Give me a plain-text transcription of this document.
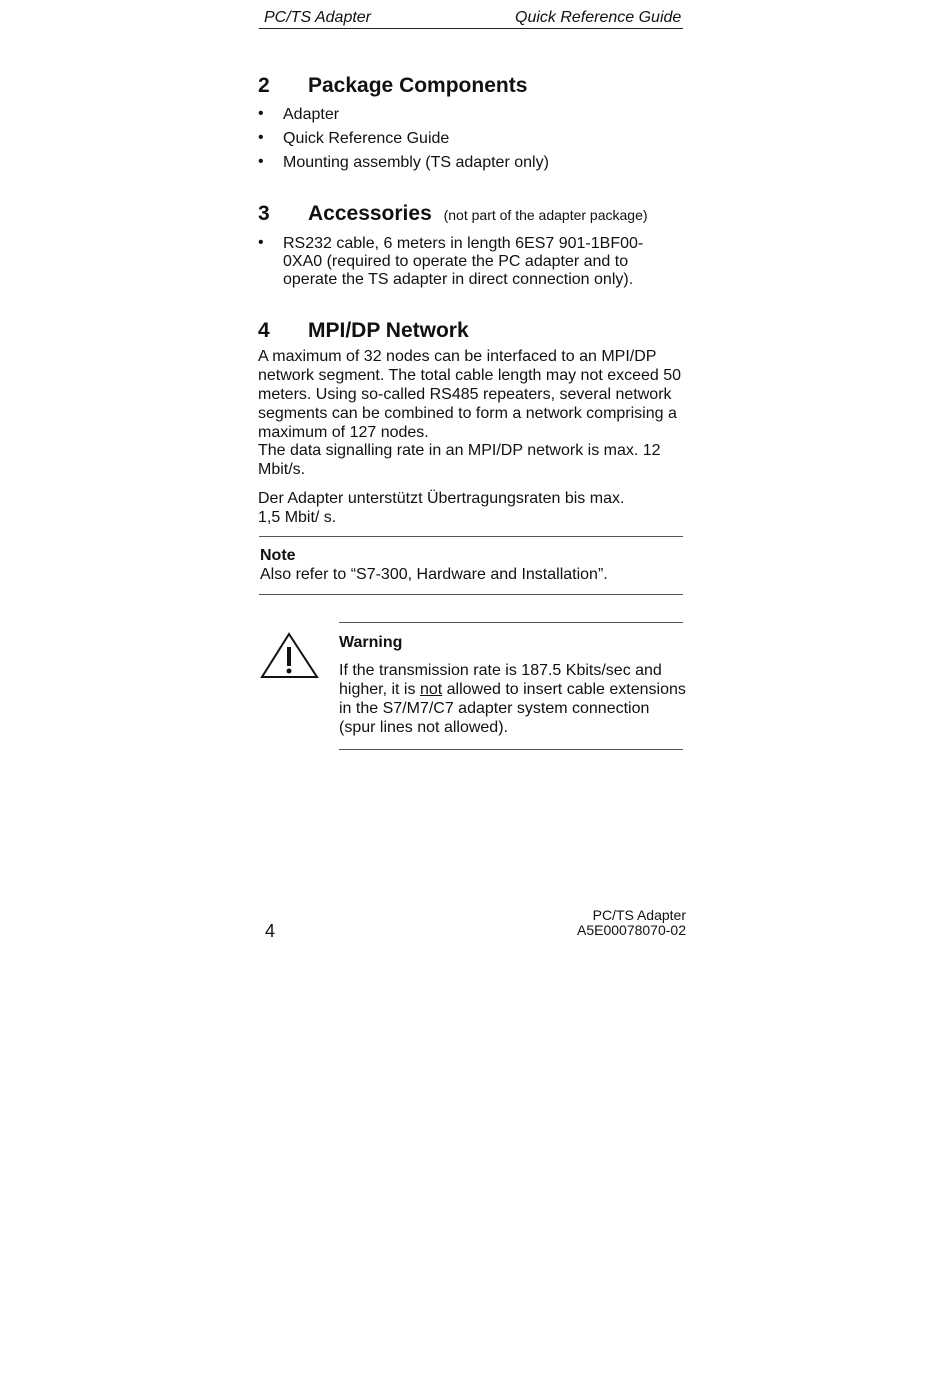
PC/TS Adapter	Quick Reference Guide
2 Package Components
• Adapter
• Quick Reference Guide
• Mounting assembly (TS adapter only)
3 Accessories (not part of the adapter package)
• RS232 cable, 6 meters in length 6ES7 901-1BF00-0XA0 (required to operate the PC adapter and to operate the TS adapter in direct connection only).
4 MPI/DP Network
A maximum of 32 nodes can be interfaced to an MPI/DP network segment. The total cable length may not exceed 50 meters. Using so-called RS485 repeaters, several network segments can be combined to form a network comprising a maximum of 127 nodes.
The data signalling rate in an MPI/DP network is max. 12 Mbit/s.
Der Adapter unterstützt Übertragungsraten bis max.
1,5 Mbit/ s.
Note
Also refer to “S7-300, Hardware and Installation”.
Warning
If the transmission rate is 187.5 Kbits/sec and higher, it is not allowed to insert cable extensions in the S7/M7/C7 adapter system connection (spur lines not allowed).
4
PC/TS Adapter
A5E00078070-02
